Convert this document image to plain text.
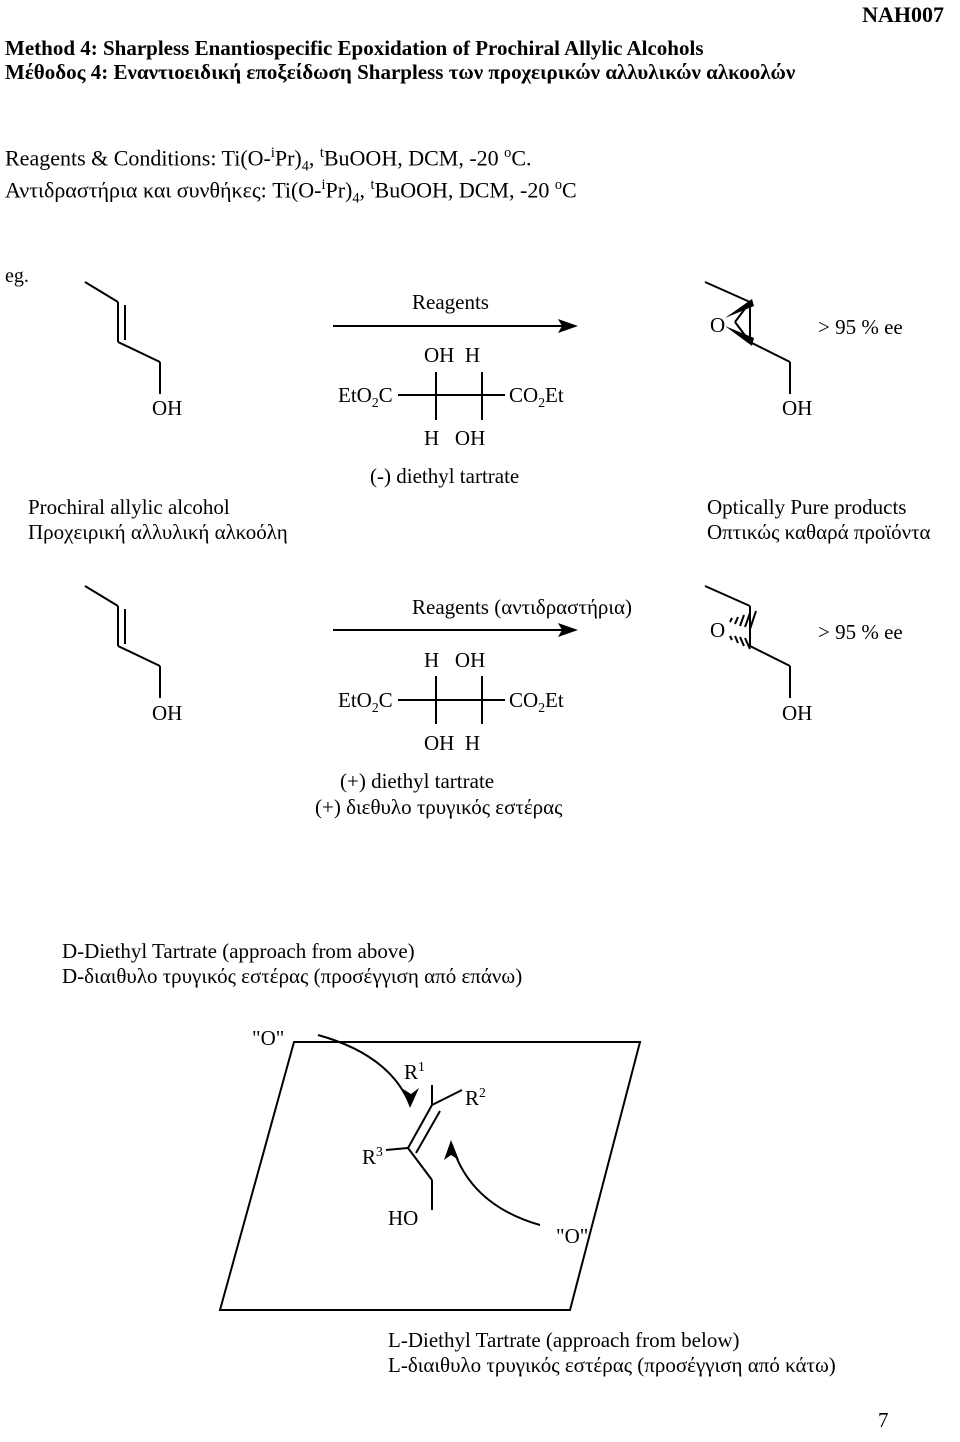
NAH007
Method 4: Sharpless Enantiospecific Epoxidation of Prochiral Allylic Alcohols
Μέθοδος 4: Εναντιοειδική εποξείδωση Sharpless των προχειρικών αλλυλικών αλκοολών
Reagents & Conditions: $Ti(O-^iPr)_4$, $^t$BuOOH, DCM, -20 $^o$C.
Αντιδραστήρια και συνθήκες: $Ti(O-^iPr)_4$, $^t$BuOOH, DCM, -20 $^o$C
eg.
OH
Reagents
OH  H
EtO$_2$C	$CO_2Et$
H   OH
(-) diethyl tartrate
O	> 95 % ee
OH
Prochiral allylic alcohol
Προχειρική αλλυλική αλκοόλη
Optically Pure products
Οπτικώς καθαρά προϊόντα
OH
Reagents (αντιδραστήρια)
H   OH
EtO$_2$C	$CO_2Et$
OH  H
(+) diethyl tartrate
(+) διεθυλο τρυγικός εστέρας
O	> 95 % ee
OH
D-Diethyl Tartrate (approach from above)
D-διαιθυλο τρυγικός εστέρας (προσέγγιση από επάνω)
"O"
$R^1$
$R^2$
$R^3$
HO
"O"
L-Diethyl Tartrate (approach from below)
L-διαιθυλο τρυγικός εστέρας (προσέγγιση από κάτω)
7
